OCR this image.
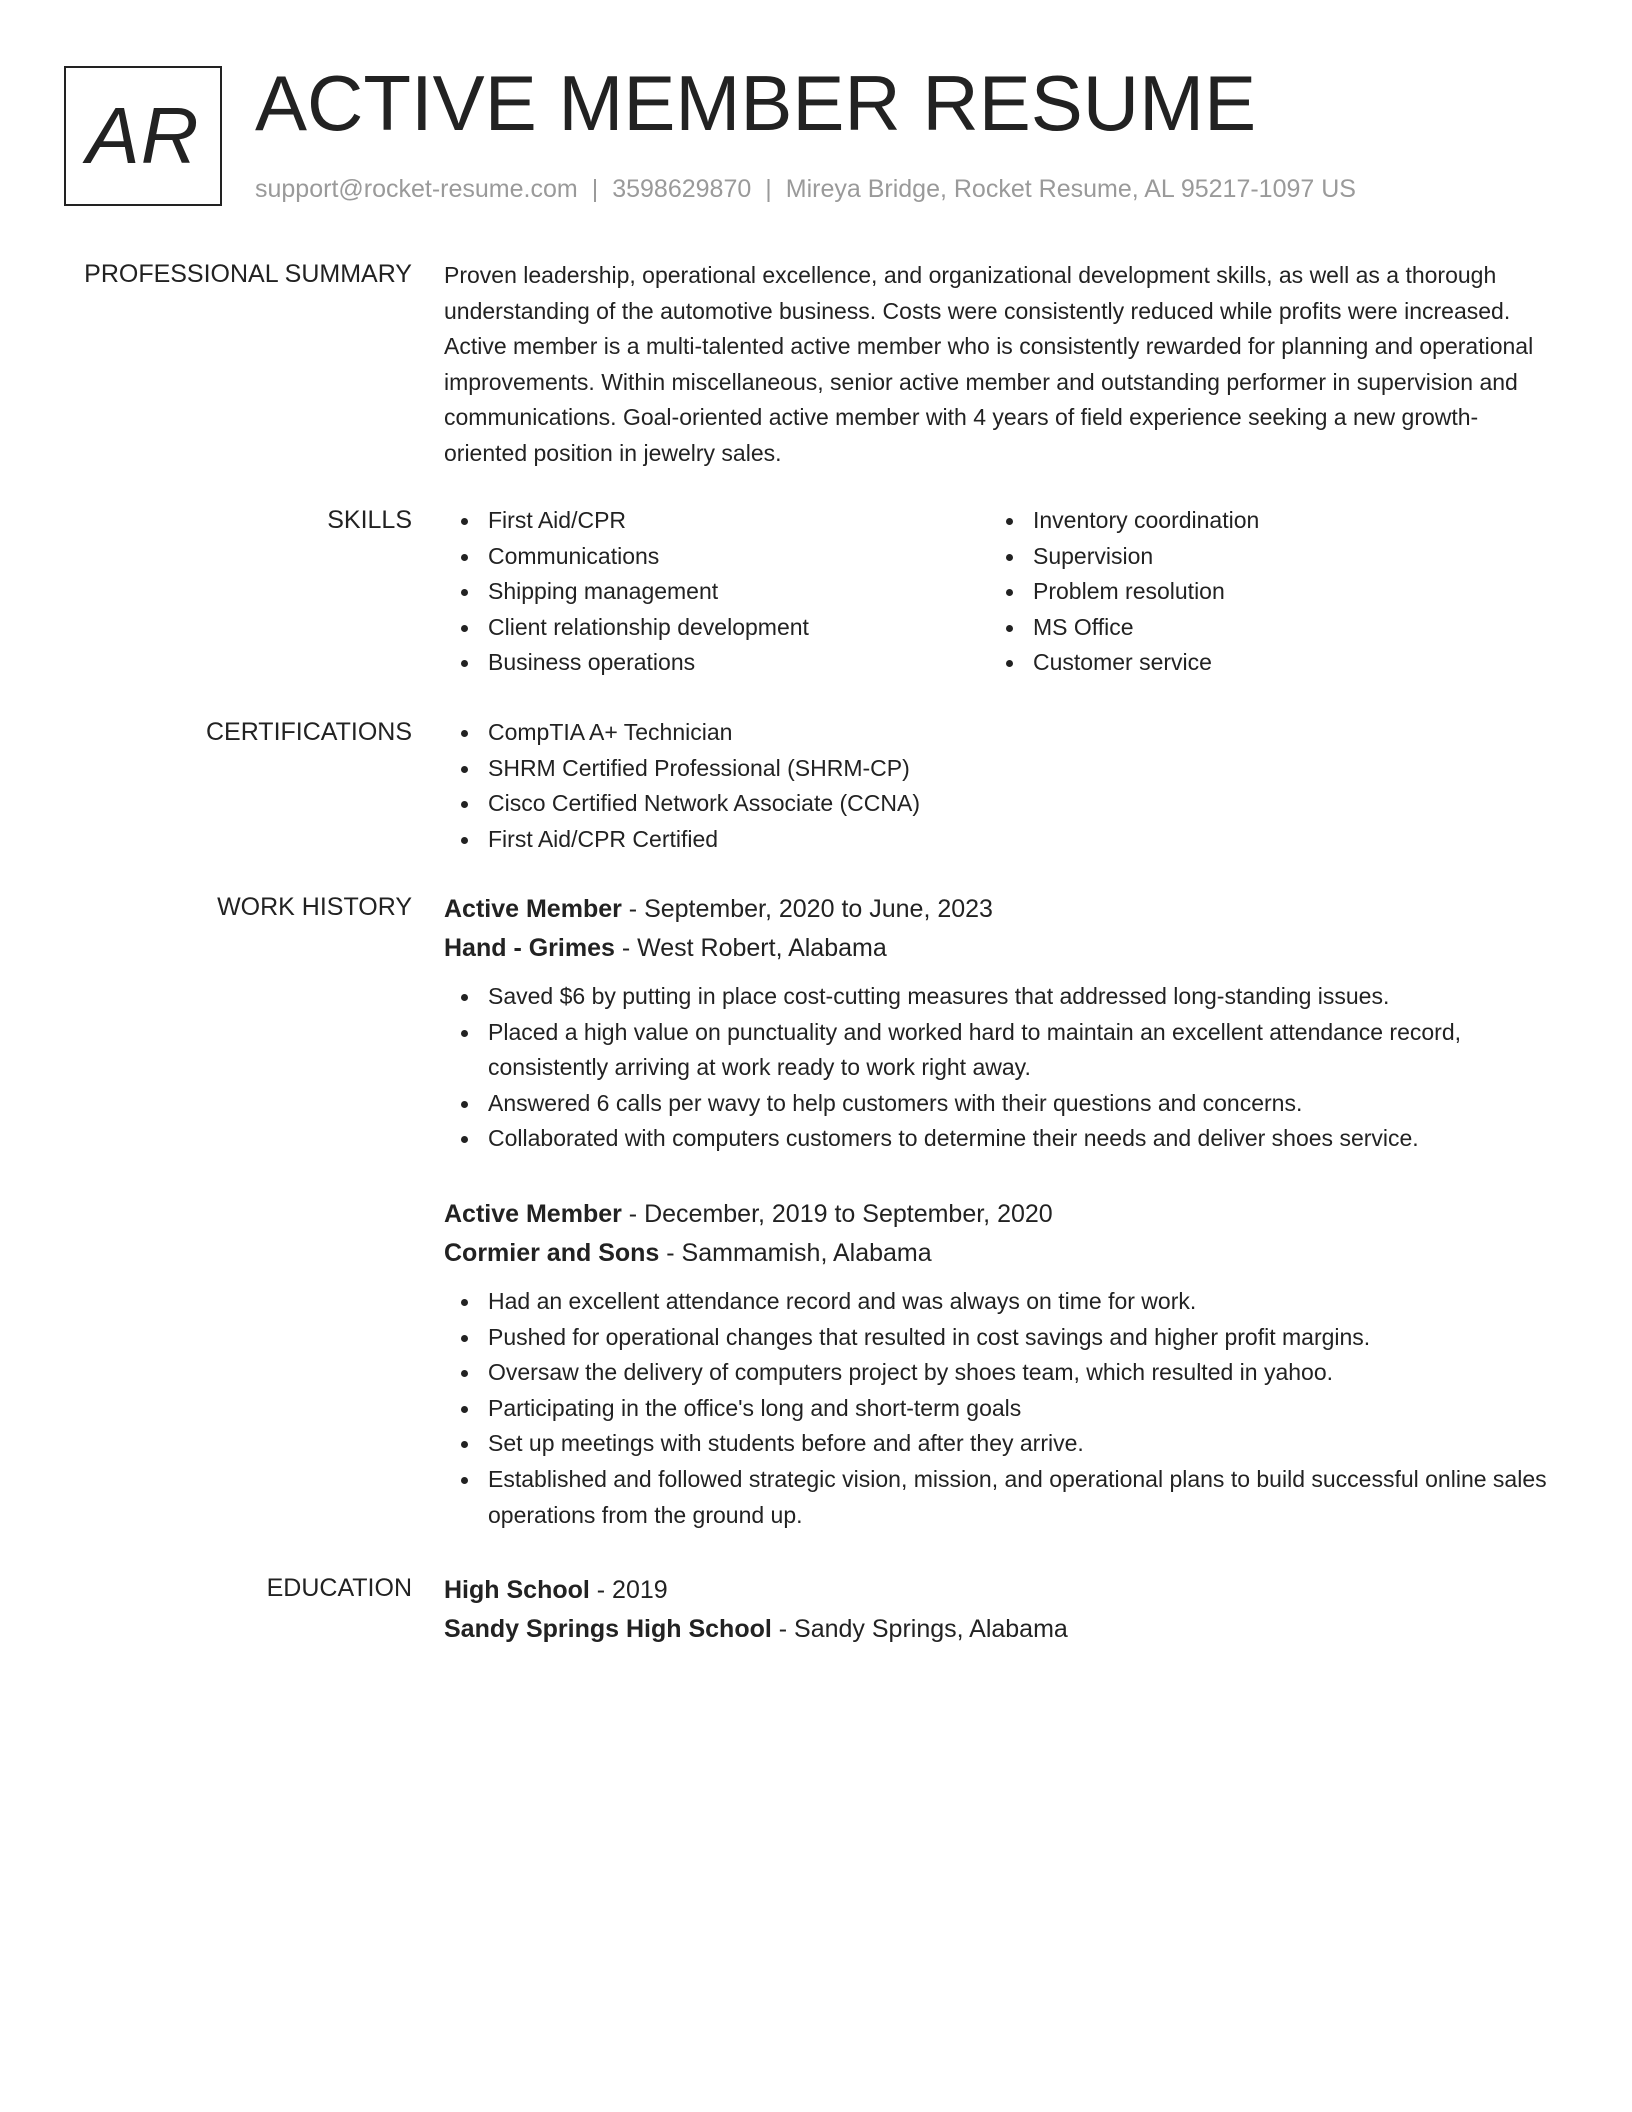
AR ACTIVE MEMBER RESUME
support@rocket-resume.com | 3598629870 | Mireya Bridge, Rocket Resume, AL 95217-1097 US
PROFESSIONAL SUMMARY Proven leadership, operational excellence, and organizational development skills, as well as a thorough understanding of the automotive business. Costs were consistently reduced while profits were increased. Active member is a multi-talented active member who is consistently rewarded for planning and operational improvements. Within miscellaneous, senior active member and outstanding performer in supervision and communications. Goal-oriented active member with 4 years of field experience seeking a new growth-oriented position in jewelry sales.

SKILLS	First Aid/CPR
Communications
Shipping management
Client relationship development
Business operations
Inventory coordination
Supervision
Problem resolution
MS Office
Customer service
CERTIFICATIONS	CompTIA A+ Technician
SHRM Certified Professional (SHRM-CP)
Cisco Certified Network Associate (CCNA)
First Aid/CPR Certified
WORK HISTORY Active Member - September, 2020 to June, 2023

Hand - Grimes - West Robert, Alabama

Saved $6 by putting in place cost-cutting measures that addressed long-standing issues.
Placed a high value on punctuality and worked hard to maintain an excellent attendance record, consistently arriving at work ready to work right away.
Answered 6 calls per wavy to help customers with their questions and concerns.
Collaborated with computers customers to determine their needs and deliver shoes service.

Active Member - December, 2019 to September, 2020

Cormier and Sons - Sammamish, Alabama

Had an excellent attendance record and was always on time for work.
Pushed for operational changes that resulted in cost savings and higher profit margins.
Oversaw the delivery of computers project by shoes team, which resulted in yahoo.
Participating in the office's long and short-term goals
Set up meetings with students before and after they arrive.
Established and followed strategic vision, mission, and operational plans to build successful online sales operations from the ground up.
EDUCATION High School - 2019

Sandy Springs High School - Sandy Springs, Alabama
